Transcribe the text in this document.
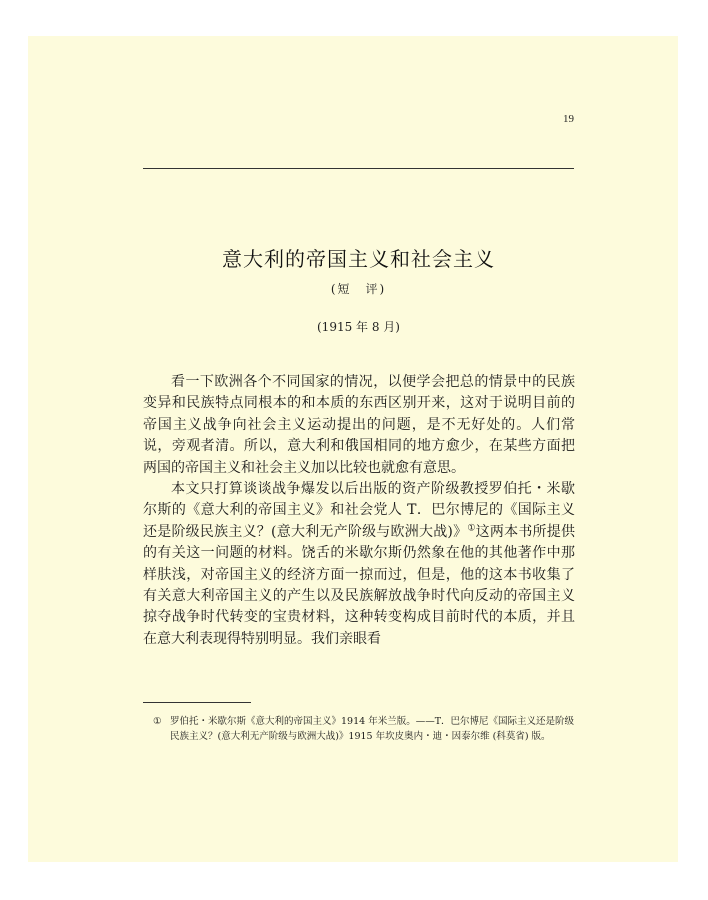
19
意大利的帝国主义和社会主义
(短　评)
(1915 年 8 月)

看一下欧洲各个不同国家的情况，以便学会把总的情景中的民族变异和民族特点同根本的和本质的东西区别开来，这对于说明目前的帝国主义战争向社会主义运动提出的问题，是不无好处的。人们常说，旁观者清。所以，意大利和俄国相同的地方愈少，在某些方面把两国的帝国主义和社会主义加以比较也就愈有意思。

本文只打算谈谈战争爆发以后出版的资产阶级教授罗伯托・米歇尔斯的《意大利的帝国主义》和社会党人 T．巴尔博尼的《国际主义还是阶级民族主义？(意大利无产阶级与欧洲大战)》①这两本书所提供的有关这一问题的材料。饶舌的米歇尔斯仍然象在他的其他著作中那样肤浅，对帝国主义的经济方面一掠而过，但是，他的这本书收集了有关意大利帝国主义的产生以及民族解放战争时代向反动的帝国主义掠夺战争时代转变的宝贵材料，这种转变构成目前时代的本质，并且在意大利表现得特别明显。我们亲眼看

① 罗伯托・米歇尔斯《意大利的帝国主义》1914 年米兰版。——T．巴尔博尼《国际主义还是阶级民族主义？(意大利无产阶级与欧洲大战)》1915 年坎皮奥内・迪・因泰尔维 (科莫省) 版。
